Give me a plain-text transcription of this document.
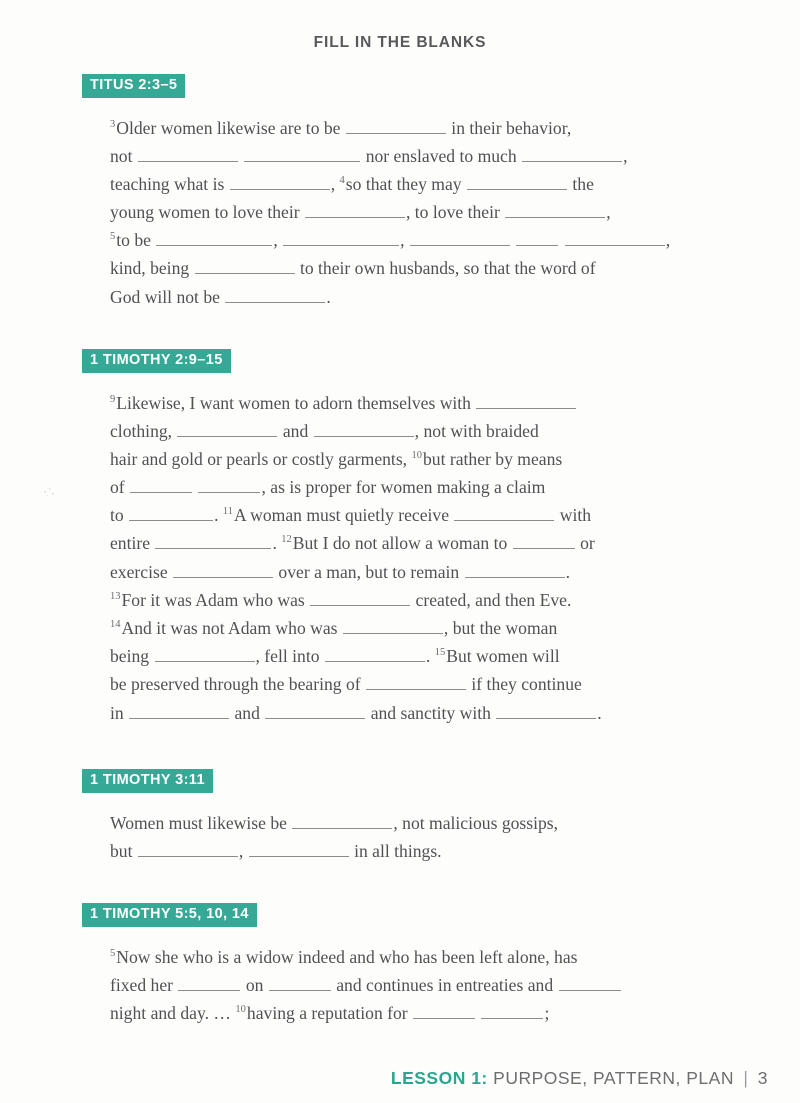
FILL IN THE BLANKS
TITUS 2:3–5
$^3$Older women likewise are to be	in their behavior,
not	nor enslaved to much	,
teaching what is	, $^4$so that they may	the
young women to love their	, to love their	,
$^5$to be	,	,	,
kind, being	to their own husbands, so that the word of
God will not be	.
1 TIMOTHY 2:9–15
$^9$Likewise, I want women to adorn themselves with
clothing,	and	, not with braided
hair and gold or pearls or costly garments, $^{10}$but rather by means
of	, as is proper for women making a claim
to	. $^{11}$A woman must quietly receive	with
entire	. $^{12}$But I do not allow a woman to	or
exercise	over a man, but to remain	.
$^{13}$For it was Adam who was	created, and then Eve.
$^{14}$And it was not Adam who was	, but the woman
being	, fell into	. $^{15}$But women will
be preserved through the bearing of	if they continue
in	and	and sanctity with	.
1 TIMOTHY 3:11
Women must likewise be	, not malicious gossips,
but	,	in all things.
1 TIMOTHY 5:5, 10, 14
$^5$Now she who is a widow indeed and who has been left alone, has
fixed her	on	and continues in entreaties and
night and day. … $^{10}$having a reputation for	;
LESSON 1: PURPOSE, PATTERN, PLAN | 3
